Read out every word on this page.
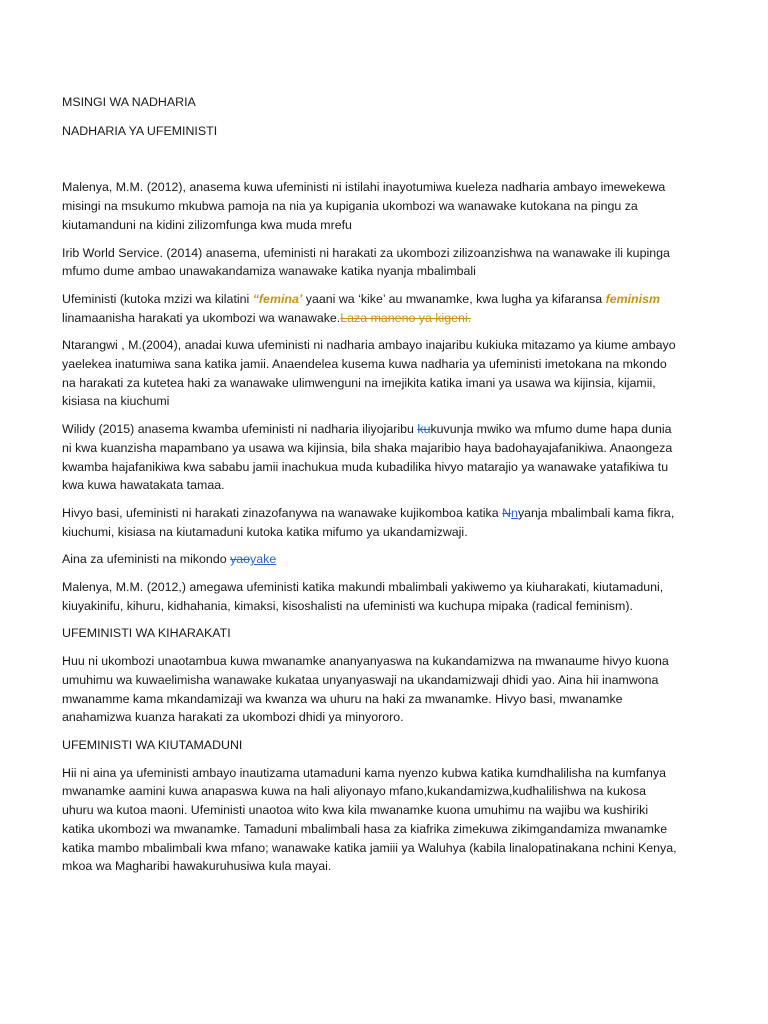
MSINGI WA NADHARIA
NADHARIA YA UFEMINISTI

Malenya, M.M. (2012), anasema kuwa ufeministi ni istilahi inayotumiwa kueleza nadharia ambayo imewekewa misingi na msukumo mkubwa pamoja na nia ya kupigania ukombozi wa wanawake kutokana na pingu za kiutamanduni na kidini zilizomfunga kwa muda mrefu

Irib World Service. (2014) anasema, ufeministi ni harakati za ukombozi zilizoanzishwa na wanawake ili kupinga mfumo dume ambao unawakandamiza wanawake katika nyanja mbalimbali

Ufeministi (kutoka mzizi wa kilatini “femina’ yaani wa ‘kike’ au mwanamke, kwa lugha ya kifaransa feminism linamaanisha harakati ya ukombozi wa wanawake.Laza maneno ya kigeni.

Ntarangwi , M.(2004), anadai kuwa ufeministi ni nadharia ambayo inajaribu kukiuka mitazamo ya kiume ambayo yaelekea inatumiwa sana katika jamii. Anaendelea kusema kuwa nadharia ya ufeministi imetokana na mkondo na harakati za kutetea haki za wanawake ulimwenguni na imejikita katika imani ya usawa wa kijinsia, kijamii, kisiasa na kiuchumi

Wilidy (2015) anasema kwamba ufeministi ni nadharia iliyojaribu kukuvunja mwiko wa mfumo dume hapa dunia ni kwa kuanzisha mapambano ya usawa wa kijinsia, bila shaka majaribio haya badohayajafanikiwa. Anaongeza kwamba hajafanikiwa kwa sababu jamii inachukua muda kubadilika hivyo matarajio ya wanawake yatafikiwa tu kwa kuwa hawatakata tamaa.

Hivyo basi, ufeministi ni harakati zinazofanywa na wanawake kujikomboa katika Nnyanja mbalimbali kama fikra, kiuchumi, kisiasa na kiutamaduni kutoka katika mifumo ya ukandamizwaji.

Aina za ufeministi na mikondo yaoyake

Malenya, M.M. (2012,) amegawa ufeministi katika makundi mbalimbali yakiwemo ya kiuharakati, kiutamaduni, kiuyakinifu, kihuru, kidhahania, kimaksi, kisoshalisti na ufeministi wa kuchupa mipaka (radical feminism).

UFEMINISTI WA KIHARAKATI

Huu ni ukombozi unaotambua kuwa mwanamke ananyanyaswa na kukandamizwa na mwanaume hivyo kuona umuhimu wa kuwaelimisha wanawake kukataa unyanyaswaji na ukandamizwaji dhidi yao. Aina hii inamwona mwanamme kama mkandamizaji wa kwanza wa uhuru na haki za mwanamke. Hivyo basi, mwanamke anahamizwa kuanza harakati za ukombozi dhidi ya minyororo.

UFEMINISTI WA KIUTAMADUNI

Hii ni aina ya ufeministi ambayo inautizama utamaduni kama nyenzo kubwa katika kumdhalilisha na kumfanya mwanamke aamini kuwa anapaswa kuwa na hali aliyonayo mfano,kukandamizwa,kudhalilishwa na kukosa uhuru wa kutoa maoni. Ufeministi unaotoa wito kwa kila mwanamke kuona umuhimu na wajibu wa kushiriki katika ukombozi wa mwanamke. Tamaduni mbalimbali hasa za kiafrika zimekuwa zikimgandamiza mwanamke katika mambo mbalimbali kwa mfano; wanawake katika jamiii ya Waluhya (kabila linalopatinakana nchini Kenya, mkoa wa Magharibi hawakuruhusiwa kula mayai.
